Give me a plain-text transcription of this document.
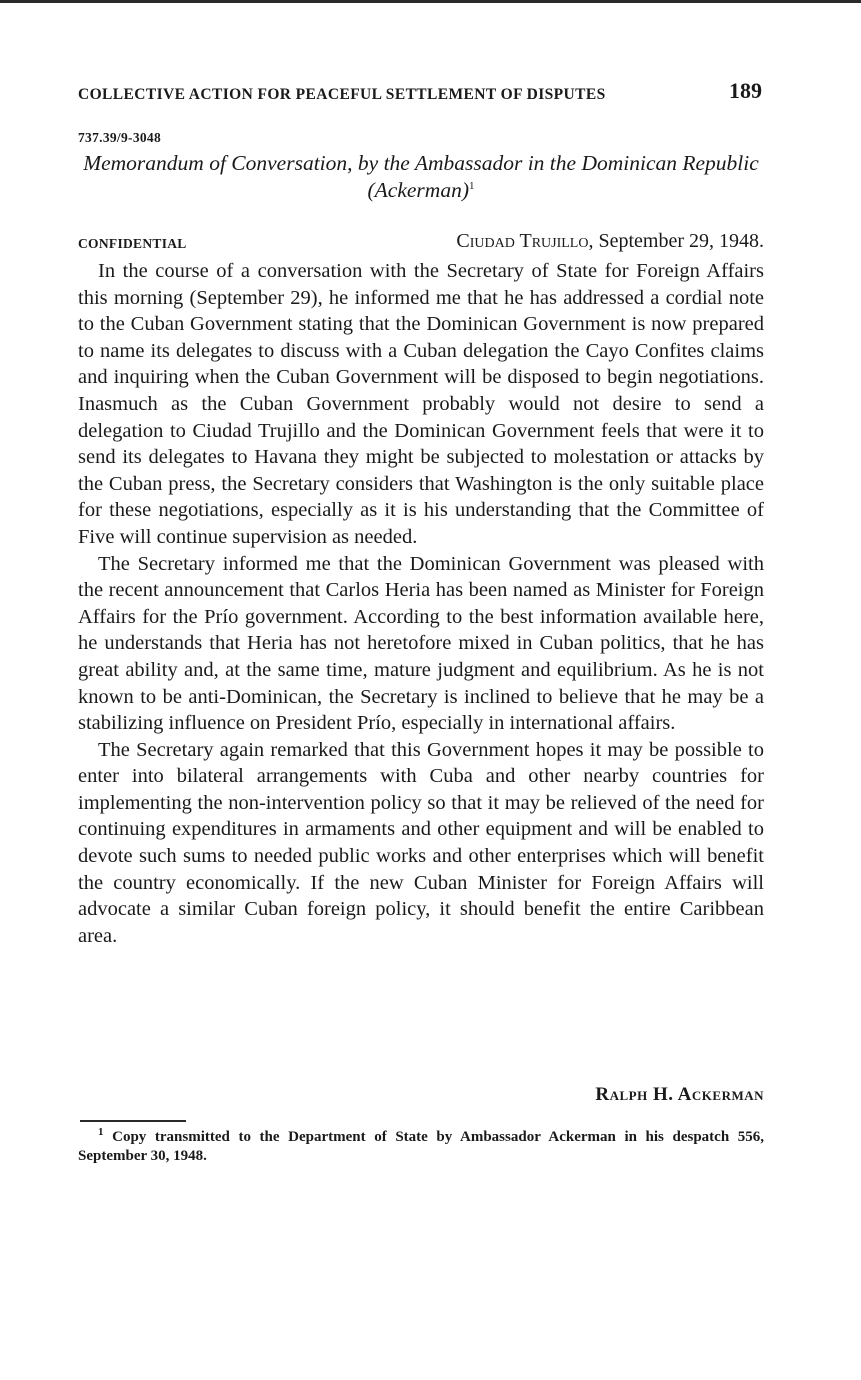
COLLECTIVE ACTION FOR PEACEFUL SETTLEMENT OF DISPUTES	189
737.39/9-3048
Memorandum of Conversation, by the Ambassador in the Dominican Republic (Ackerman)$^1$
CONFIDENTIAL	Ciudad Trujillo, September 29, 1948.

In the course of a conversation with the Secretary of State for Foreign Affairs this morning (September 29), he informed me that he has addressed a cordial note to the Cuban Government stating that the Dominican Government is now prepared to name its delegates to discuss with a Cuban delegation the Cayo Confites claims and inquiring when the Cuban Government will be disposed to begin negotiations. Inasmuch as the Cuban Government probably would not desire to send a delegation to Ciudad Trujillo and the Dominican Government feels that were it to send its delegates to Havana they might be subjected to molestation or attacks by the Cuban press, the Secretary considers that Washington is the only suitable place for these negotiations, especially as it is his understanding that the Committee of Five will continue supervision as needed.

The Secretary informed me that the Dominican Government was pleased with the recent announcement that Carlos Heria has been named as Minister for Foreign Affairs for the Prío government. According to the best information available here, he understands that Heria has not heretofore mixed in Cuban politics, that he has great ability and, at the same time, mature judgment and equilibrium. As he is not known to be anti-Dominican, the Secretary is inclined to believe that he may be a stabilizing influence on President Prío, especially in international affairs.

The Secretary again remarked that this Government hopes it may be possible to enter into bilateral arrangements with Cuba and other nearby countries for implementing the non-intervention policy so that it may be relieved of the need for continuing expenditures in armaments and other equipment and will be enabled to devote such sums to needed public works and other enterprises which will benefit the country economically. If the new Cuban Minister for Foreign Affairs will advocate a similar Cuban foreign policy, it should benefit the entire Caribbean area.

Ralph H. Ackerman
$^1$ Copy transmitted to the Department of State by Ambassador Ackerman in his despatch 556, September 30, 1948.
